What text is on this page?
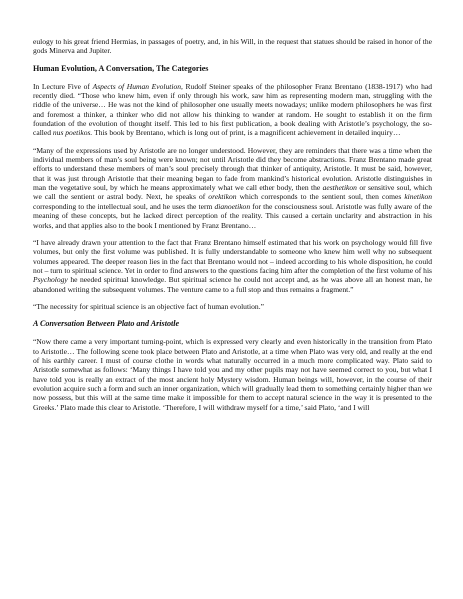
eulogy to his great friend Hermias, in passages of poetry, and, in his Will, in the request that statues should be raised in honor of the gods Minerva and Jupiter.

Human Evolution, A Conversation, The Categories

In Lecture Five of Aspects of Human Evolution, Rudolf Steiner speaks of the philosopher Franz Brentano (1838-1917) who had recently died. “Those who knew him, even if only through his work, saw him as representing modern man, struggling with the riddle of the universe… He was not the kind of philosopher one usually meets nowadays; unlike modern philosophers he was first and foremost a thinker, a thinker who did not allow his thinking to wander at random. He sought to establish it on the firm foundation of the evolution of thought itself. This led to his first publication, a book dealing with Aristotle’s psychology, the so-called nus poetikos. This book by Brentano, which is long out of print, is a magnificent achievement in detailed inquiry…

“Many of the expressions used by Aristotle are no longer understood. However, they are reminders that there was a time when the individual members of man’s soul being were known; not until Aristotle did they become abstractions. Franz Brentano made great efforts to understand these members of man’s soul precisely through that thinker of antiquity, Aristotle. It must be said, however, that it was just through Aristotle that their meaning began to fade from mankind’s historical evolution. Aristotle distinguishes in man the vegetative soul, by which he means approximately what we call ether body, then the aesthetikon or sensitive soul, which we call the sentient or astral body. Next, he speaks of orektikon which corresponds to the sentient soul, then comes kinetikon corresponding to the intellectual soul, and he uses the term dianoetikon for the consciousness soul. Aristotle was fully aware of the meaning of these concepts, but he lacked direct perception of the reality. This caused a certain unclarity and abstraction in his works, and that applies also to the book I mentioned by Franz Brentano…

“I have already drawn your attention to the fact that Franz Brentano himself estimated that his work on psychology would fill five volumes, but only the first volume was published. It is fully understandable to someone who knew him well why no subsequent volumes appeared. The deeper reason lies in the fact that Brentano would not – indeed according to his whole disposition, he could not – turn to spiritual science. Yet in order to find answers to the questions facing him after the completion of the first volume of his Psychology he needed spiritual knowledge. But spiritual science he could not accept and, as he was above all an honest man, he abandoned writing the subsequent volumes. The venture came to a full stop and thus remains a fragment.”

“The necessity for spiritual science is an objective fact of human evolution.”

A Conversation Between Plato and Aristotle

“Now there came a very important turning-point, which is expressed very clearly and even historically in the transition from Plato to Aristotle… The following scene took place between Plato and Aristotle, at a time when Plato was very old, and really at the end of his earthly career. I must of course clothe in words what naturally occurred in a much more complicated way. Plato said to Aristotle somewhat as follows: ‘Many things I have told you and my other pupils may not have seemed correct to you, but what I have told you is really an extract of the most ancient holy Mystery wisdom. Human beings will, however, in the course of their evolution acquire such a form and such an inner organization, which will gradually lead them to something certainly higher than we now possess, but this will at the same time make it impossible for them to accept natural science in the way it is presented to the Greeks.’ Plato made this clear to Aristotle. ‘Therefore, I will withdraw myself for a time,’ said Plato, ‘and I will
